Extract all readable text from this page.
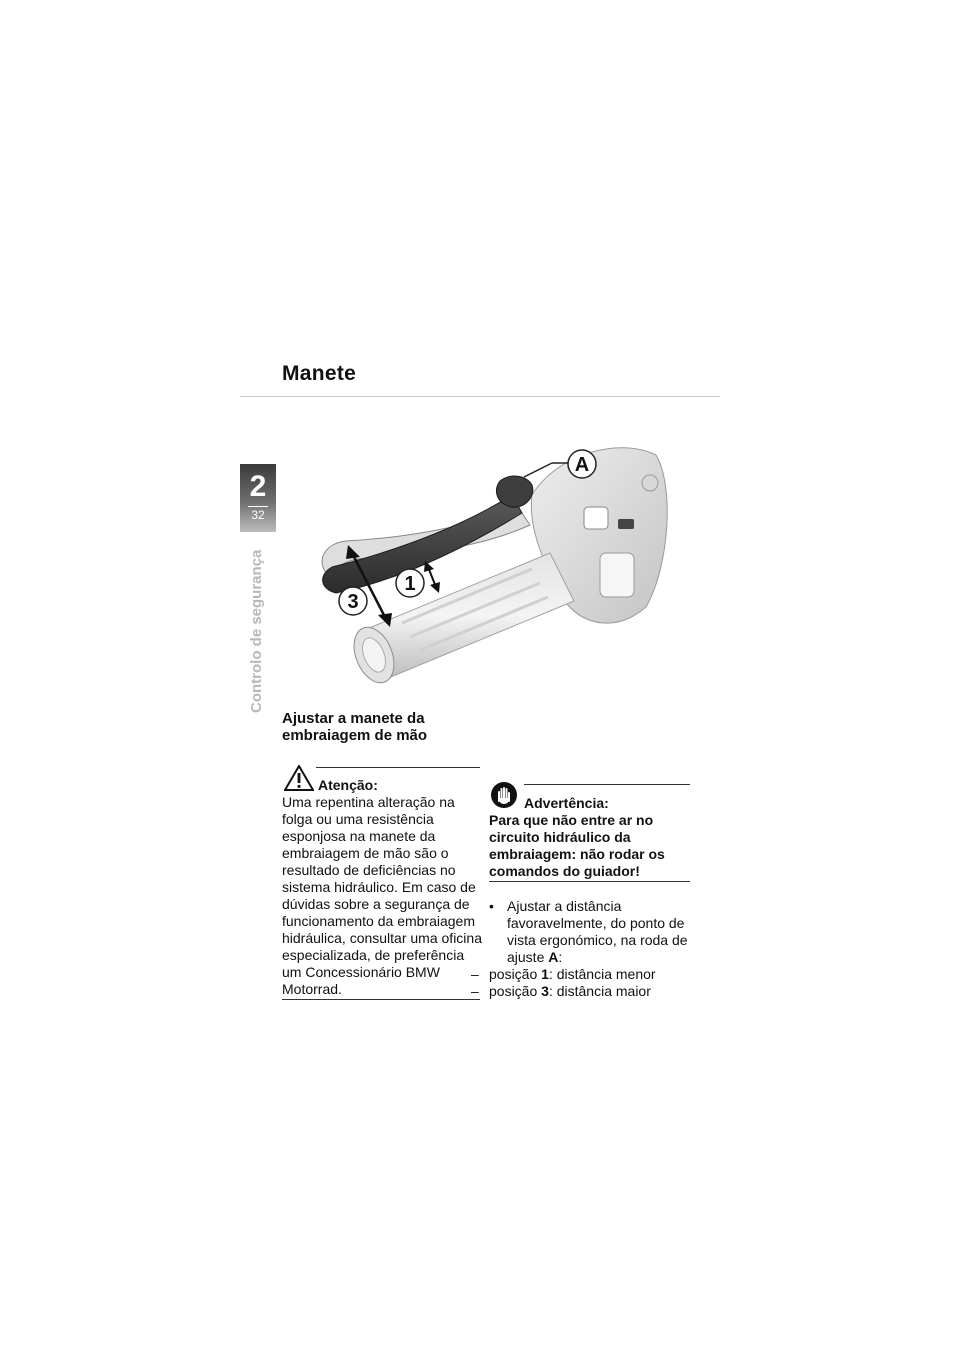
Manete
2
32
Controlo de segurança
A
1
3
Ajustar a manete da embraiagem de mão
Atenção:
Uma repentina alteração na folga ou uma resistência esponjosa na manete da embraiagem de mão são o resultado de deficiências no sistema hidráulico. Em caso de dúvidas sobre a segurança de funcionamento da embraiagem hidráulica, consultar uma oficina especializada, de preferência um Concessionário BMW Motorrad.
Advertência:
Para que não entre ar no circuito hidráulico da embraiagem: não rodar os comandos do guiador!
• Ajustar a distância favoravelmente, do ponto de vista ergonómico, na roda de ajuste A:
– posição 1: distância menor
– posição 3: distância maior
